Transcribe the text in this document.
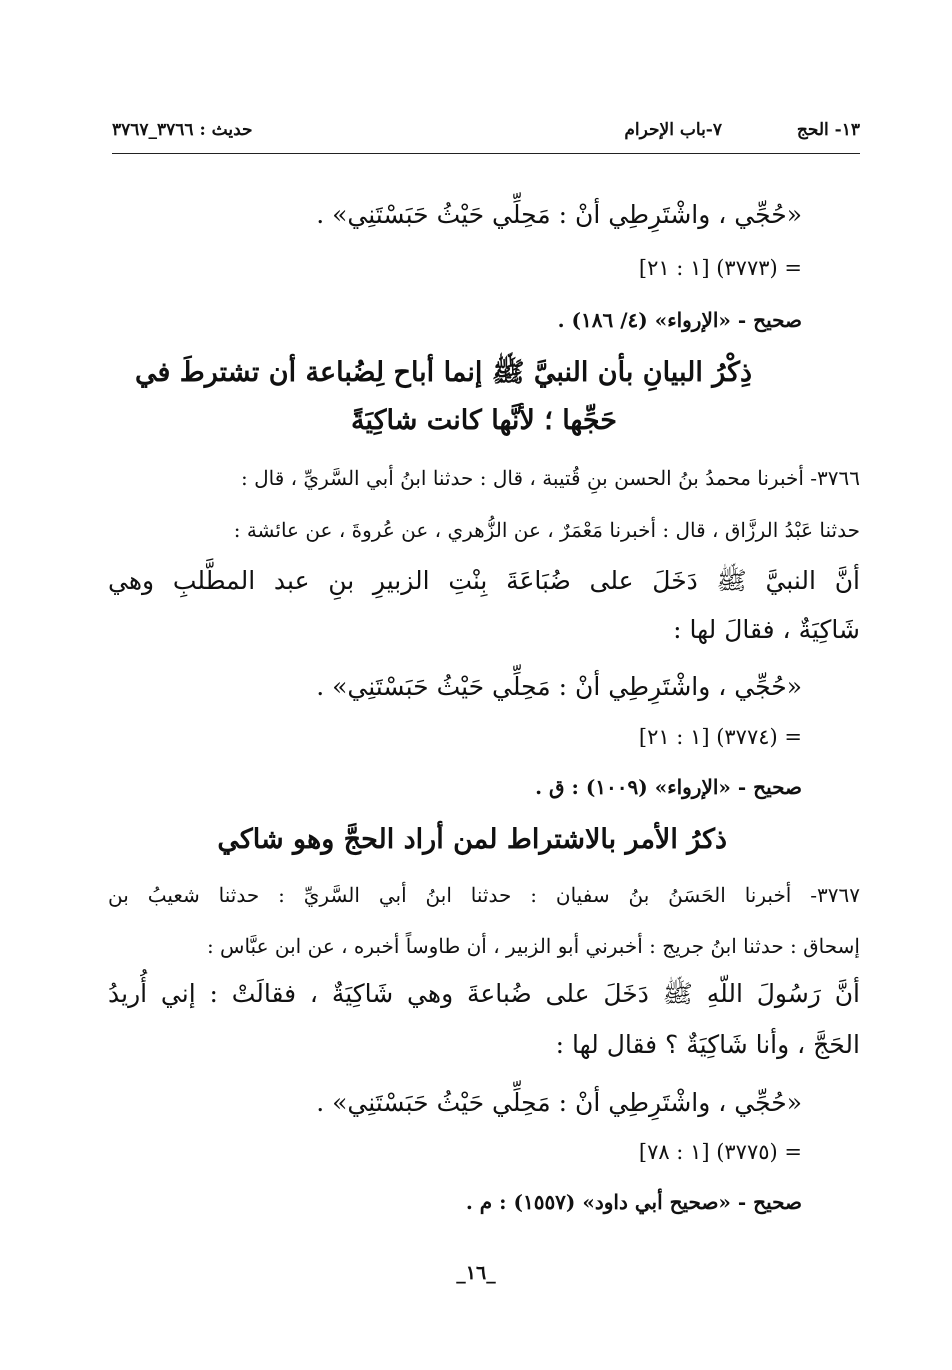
١٣- الحج
٧-باب الإحرام
حديث : ٣٧٦٦_٣٧٦٧
«حُجِّي ، واشْتَرِطِي أنْ : مَحِلِّي حَيْثُ حَبَسْتَنِي» .
= (٣٧٧٣) [١ : ٢١]
صحيح - «الإرواء» (٤/ ١٨٦) .
ذِكْرُ البيانِ بأن النبيَّ ﷺ إنما أباح لِضُباعة أن تشترطَ في
حَجِّها ؛ لأنَّها كانت شاكِيَةً
٣٧٦٦- أخبرنا محمدُ بنُ الحسن بنِ قُتيبة ، قال : حدثنا ابنُ أبي السَّريِّ ، قال :
حدثنا عَبْدُ الرزَّاق ، قال : أخبرنا مَعْمَرٌ ، عن الزُّهري ، عن عُروةَ ، عن عائشة :
أنَّ النبيَّ ﷺ دَخَلَ على ضُبَاعَةَ بِنْتِ الزبيرِ بنِ عبد المطَّلبِ وهي
شَاكِيَةٌ ، فقالَ لها :
«حُجِّي ، واشْتَرِطِي أنْ : مَحِلِّي حَيْثُ حَبَسْتَنِي» .
= (٣٧٧٤) [١ : ٢١]
صحيح - «الإرواء» (١٠٠٩) : ق .
ذكرُ الأمر بالاشتراط لمن أراد الحجَّ وهو شاكي
٣٧٦٧- أخبرنا الحَسَنُ بنُ سفيان : حدثنا ابنُ أبي السَّريِّ : حدثنا شعيبُ بن
إسحاق : حدثنا ابنُ جريج : أخبرني أبو الزبير ، أن طاوساً أخبره ، عن ابن عبَّاس :
أنَّ رَسُولَ اللّهِ ﷺ دَخَلَ على ضُباعةَ وهي شَاكِيَةٌ ، فقالَتْ : إني أُريدُ
الحَجَّ ، وأنا شَاكِيَةٌ ؟ فقال لها :
«حُجِّي ، واشْتَرِطِي أنْ : مَحِلِّي حَيْثُ حَبَسْتَنِي» .
= (٣٧٧٥) [١ : ٧٨]
صحيح - «صحيح أبي داود» (١٥٥٧) : م .
_١٦_
